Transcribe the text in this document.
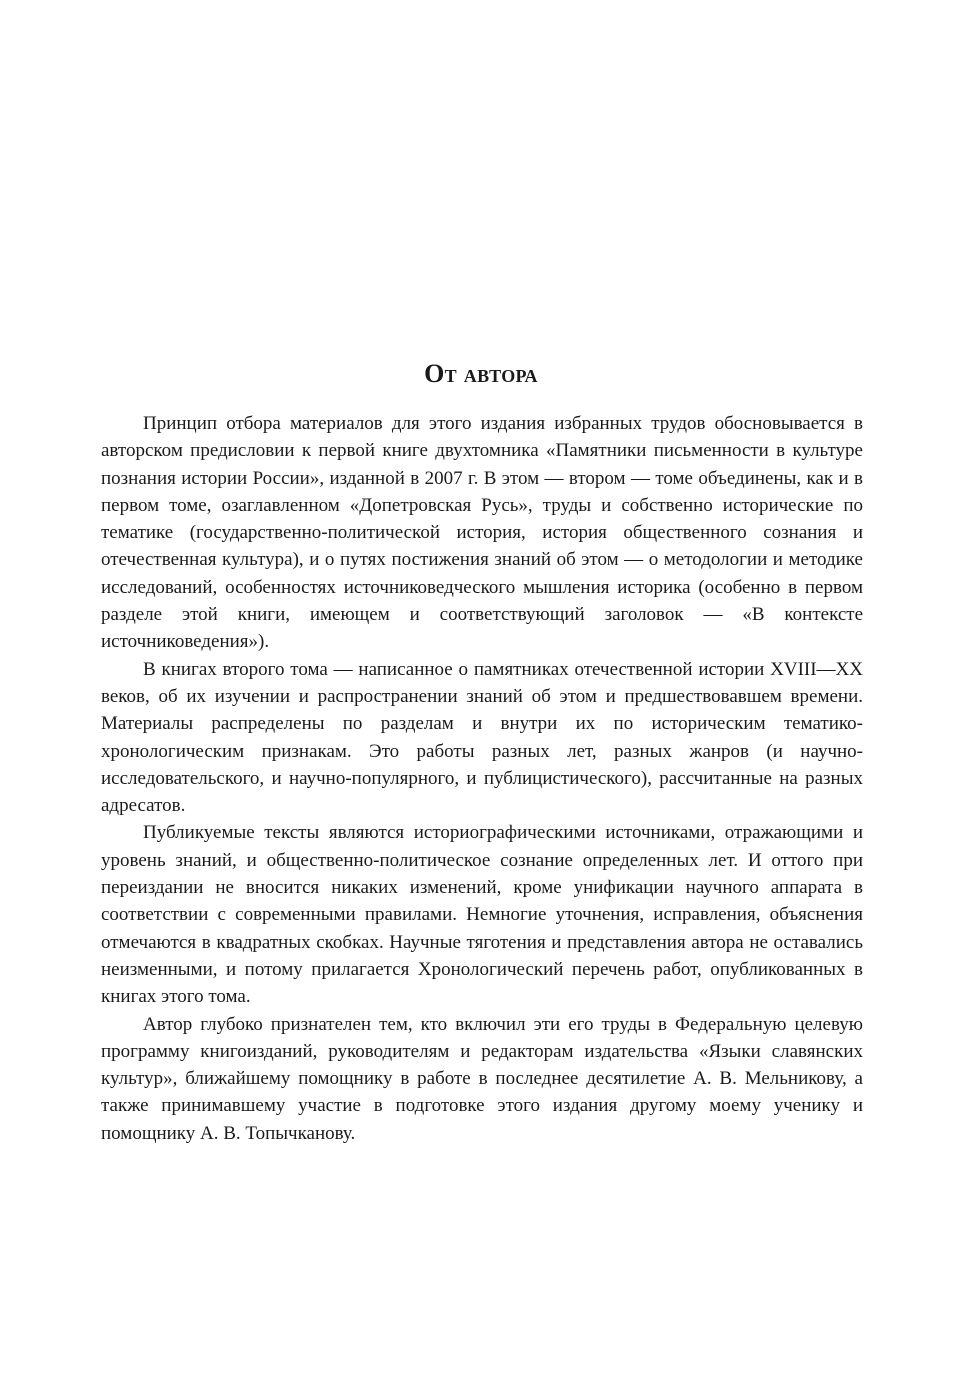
От автора

Принцип отбора материалов для этого издания избранных трудов обосновывается в авторском предисловии к первой книге двухтомника «Памятники письменности в культуре познания истории России», изданной в 2007 г. В этом — втором — томе объединены, как и в первом томе, озаглавленном «Допетровская Русь», труды и собственно исторические по тематике (государственно-политической история, история общественного сознания и отечественная культура), и о путях постижения знаний об этом — о методологии и методике исследований, особенностях источниковедческого мышления историка (особенно в первом разделе этой книги, имеющем и соответствующий заголовок — «В контексте источниковедения»).

В книгах второго тома — написанное о памятниках отечественной истории XVIII—XX веков, об их изучении и распространении знаний об этом и предшествовавшем времени. Материалы распределены по разделам и внутри их по историческим тематико-хронологическим признакам. Это работы разных лет, разных жанров (и научно-исследовательского, и научно-популярного, и публицистического), рассчитанные на разных адресатов.

Публикуемые тексты являются историографическими источниками, отражающими и уровень знаний, и общественно-политическое сознание определенных лет. И оттого при переиздании не вносится никаких изменений, кроме унификации научного аппарата в соответствии с современными правилами. Немногие уточнения, исправления, объяснения отмечаются в квадратных скобках. Научные тяготения и представления автора не оставались неизменными, и потому прилагается Хронологический перечень работ, опубликованных в книгах этого тома.

Автор глубоко признателен тем, кто включил эти его труды в Федеральную целевую программу книгоизданий, руководителям и редакторам издательства «Языки славянских культур», ближайшему помощнику в работе в последнее десятилетие А. В. Мельникову, а также принимавшему участие в подготовке этого издания другому моему ученику и помощнику А. В. Топычканову.
